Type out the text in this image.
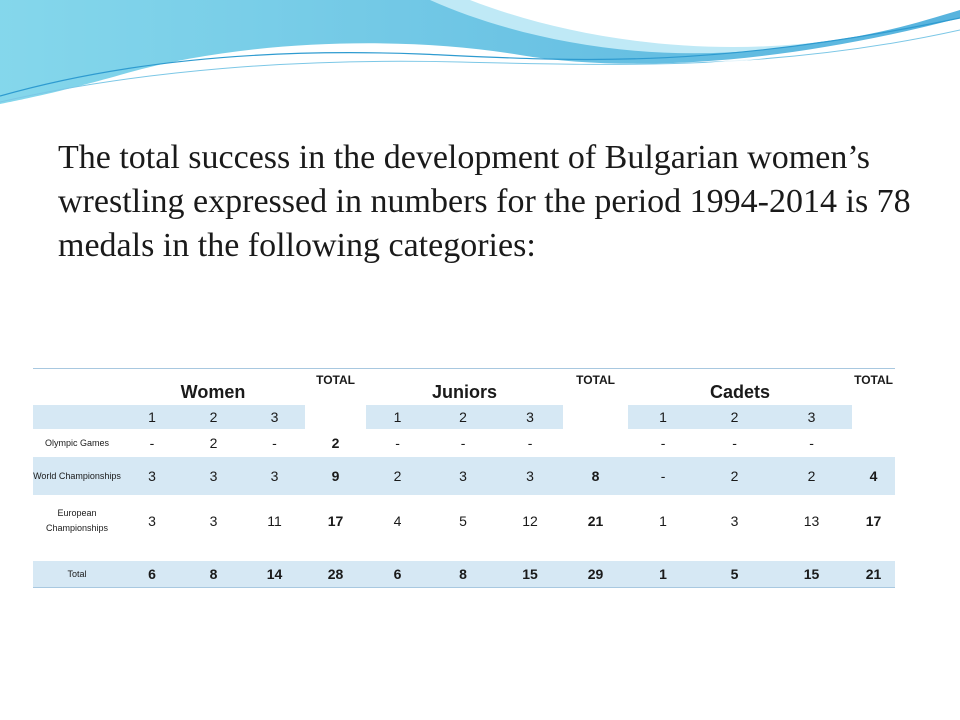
The total success in the development of Bulgarian women’s wrestling expressed in numbers for the period 1994-2014 is 78 medals in the following categories:

	Women			TOTAL	Juniors			TOTAL	Cadets			TOTAL
	1	2	3		1	2	3		1	2	3	
Olympic Games	-	2	-	2	-	-	-		-	-	-	
World Championships	3	3	3	9	2	3	3	8	-	2	2	4
European Championships	3	3	11	17	4	5	12	21	1	3	13	17

Total	6	8	14	28	6	8	15	29	1	5	15	21
